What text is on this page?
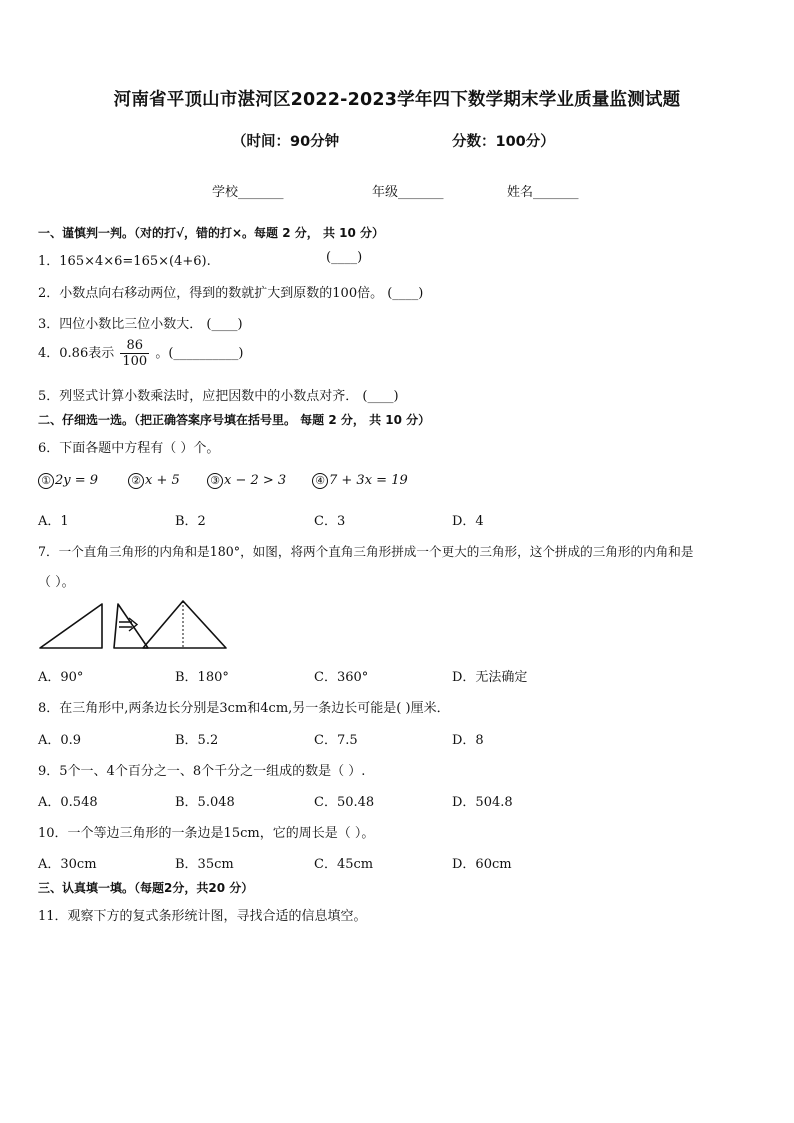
河南省平顶山市湛河区2022-2023学年四下数学期末学业质量监测试题
（时间：90分钟	分数：100分）
学校_______	年级_______	姓名_______
一、谨慎判一判。（对的打√，错的打×。每题 2 分， 共 10 分）
1．165×4×6=165×(4+6).	(____)
2．小数点向右移动两位，得到的数就扩大到原数的100倍。 (____)
3．四位小数比三位小数大． (____)
4．0.86表示 $\frac{86}{100}$ 。(__________)
5．列竖式计算小数乘法时，应把因数中的小数点对齐． (____)
二、仔细选一选。（把正确答案序号填在括号里。 每题 2 分， 共 10 分）
6．下面各题中方程有（ ）个。
① 2y = 9	② x + 5	③ x − 2 > 3	④ 7 + 3x = 19
A．1	B．2	C．3	D．4
7．一个直角三角形的内角和是180°，如图，将两个直角三角形拼成一个更大的三角形，这个拼成的三角形的内角和是
（ ）。
A．90°	B．180°	C．360°	D．无法确定
8．在三角形中,两条边长分别是3cm和4cm,另一条边长可能是( )厘米．
A．0.9	B．5.2	C．7.5	D．8
9．5个一、4个百分之一、8个千分之一组成的数是（ ）.
A．0.548	B．5.048	C．50.48	D．504.8
10．一个等边三角形的一条边是15cm，它的周长是（ ）。
A．30cm	B．35cm	C．45cm	D．60cm
三、认真填一填。（每题2分，共20 分）
11．观察下方的复式条形统计图，寻找合适的信息填空。
